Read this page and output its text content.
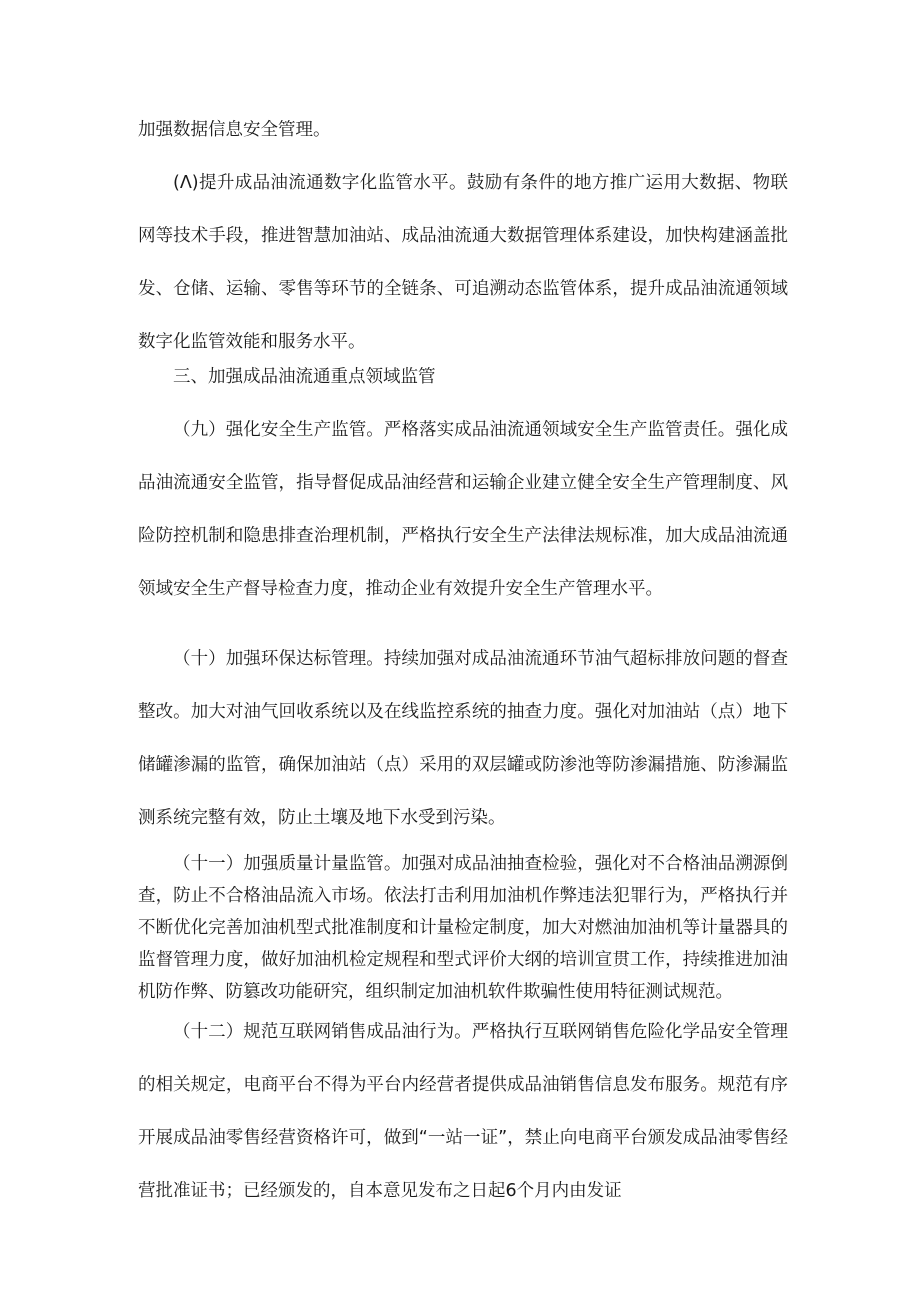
加强数据信息安全管理。

(Λ)提升成品油流通数字化监管水平。鼓励有条件的地方推广运用大数据、物联网等技术手段，推进智慧加油站、成品油流通大数据管理体系建设，加快构建涵盖批发、仓储、运输、零售等环节的全链条、可追溯动态监管体系，提升成品油流通领域数字化监管效能和服务水平。

三、加强成品油流通重点领域监管

（九）强化安全生产监管。严格落实成品油流通领域安全生产监管责任。强化成品油流通安全监管，指导督促成品油经营和运输企业建立健全安全生产管理制度、风险防控机制和隐患排查治理机制，严格执行安全生产法律法规标准，加大成品油流通领域安全生产督导检查力度，推动企业有效提升安全生产管理水平。

（十）加强环保达标管理。持续加强对成品油流通环节油气超标排放问题的督查整改。加大对油气回收系统以及在线监控系统的抽查力度。强化对加油站（点）地下储罐渗漏的监管，确保加油站（点）采用的双层罐或防渗池等防渗漏措施、防渗漏监测系统完整有效，防止土壤及地下水受到污染。

（十一）加强质量计量监管。加强对成品油抽查检验，强化对不合格油品溯源倒查，防止不合格油品流入市场。依法打击利用加油机作弊违法犯罪行为，严格执行并不断优化完善加油机型式批准制度和计量检定制度，加大对燃油加油机等计量器具的监督管理力度，做好加油机检定规程和型式评价大纲的培训宣贯工作，持续推进加油机防作弊、防篡改功能研究，组织制定加油机软件欺骗性使用特征测试规范。

（十二）规范互联网销售成品油行为。严格执行互联网销售危险化学品安全管理的相关规定，电商平台不得为平台内经营者提供成品油销售信息发布服务。规范有序开展成品油零售经营资格许可，做到“一站一证”，禁止向电商平台颁发成品油零售经营批准证书；已经颁发的，自本意见发布之日起6个月内由发证
